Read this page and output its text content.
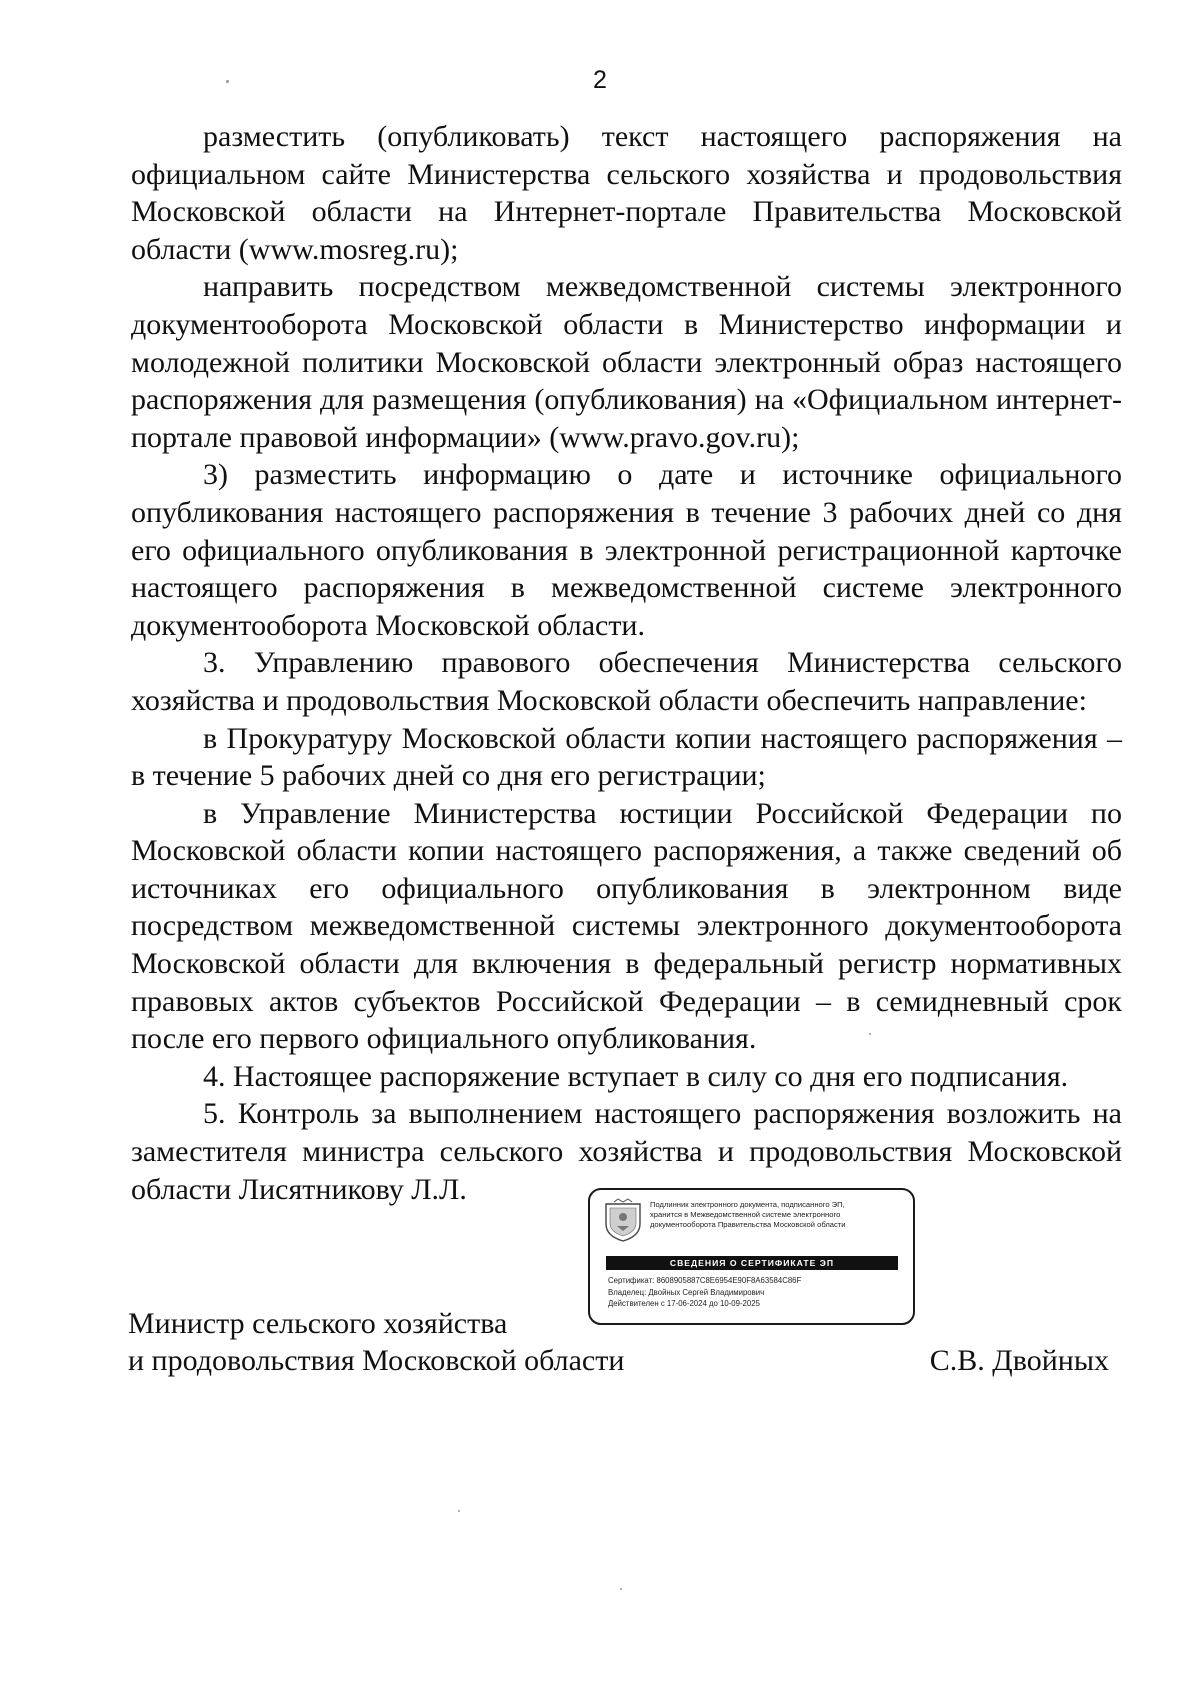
2

разместить (опубликовать) текст настоящего распоряжения на официальном сайте Министерства сельского хозяйства и продовольствия Московской области на Интернет-портале Правительства Московской области (www.mosreg.ru);

направить посредством межведомственной системы электронного документооборота Московской области в Министерство информации и молодежной политики Московской области электронный образ настоящего распоряжения для размещения (опубликования) на «Официальном интернет-портале правовой информации» (www.pravo.gov.ru);

3) разместить информацию о дате и источнике официального опубликования настоящего распоряжения в течение 3 рабочих дней со дня его официального опубликования в электронной регистрационной карточке настоящего распоряжения в межведомственной системе электронного документооборота Московской области.

3. Управлению правового обеспечения Министерства сельского хозяйства и продовольствия Московской области обеспечить направление:

в Прокуратуру Московской области копии настоящего распоряжения – в течение 5 рабочих дней со дня его регистрации;

в Управление Министерства юстиции Российской Федерации по Московской области копии настоящего распоряжения, а также сведений об источниках его официального опубликования в электронном виде посредством межведомственной системы электронного документооборота Московской области для включения в федеральный регистр нормативных правовых актов субъектов Российской Федерации – в семидневный срок после его первого официального опубликования.

4. Настоящее распоряжение вступает в силу со дня его подписания.

5. Контроль за выполнением настоящего распоряжения возложить на заместителя министра сельского хозяйства и продовольствия Московской области Лисятникову Л.Л.	Подлинник электронного документа, подписанного ЭП,
хранится в Межведомственной системе электронного
документооборота Правительства Московской области
СВЕДЕНИЯ О СЕРТИФИКАТЕ ЭП
Сертификат: 8608905887C8E6954E90F8A63584C86F
Владелец: Двойных Сергей Владимирович
Действителен с 17-06-2024 до 10-09-2025
Министр сельского хозяйства
и продовольствия Московской области	С.В. Двойных
